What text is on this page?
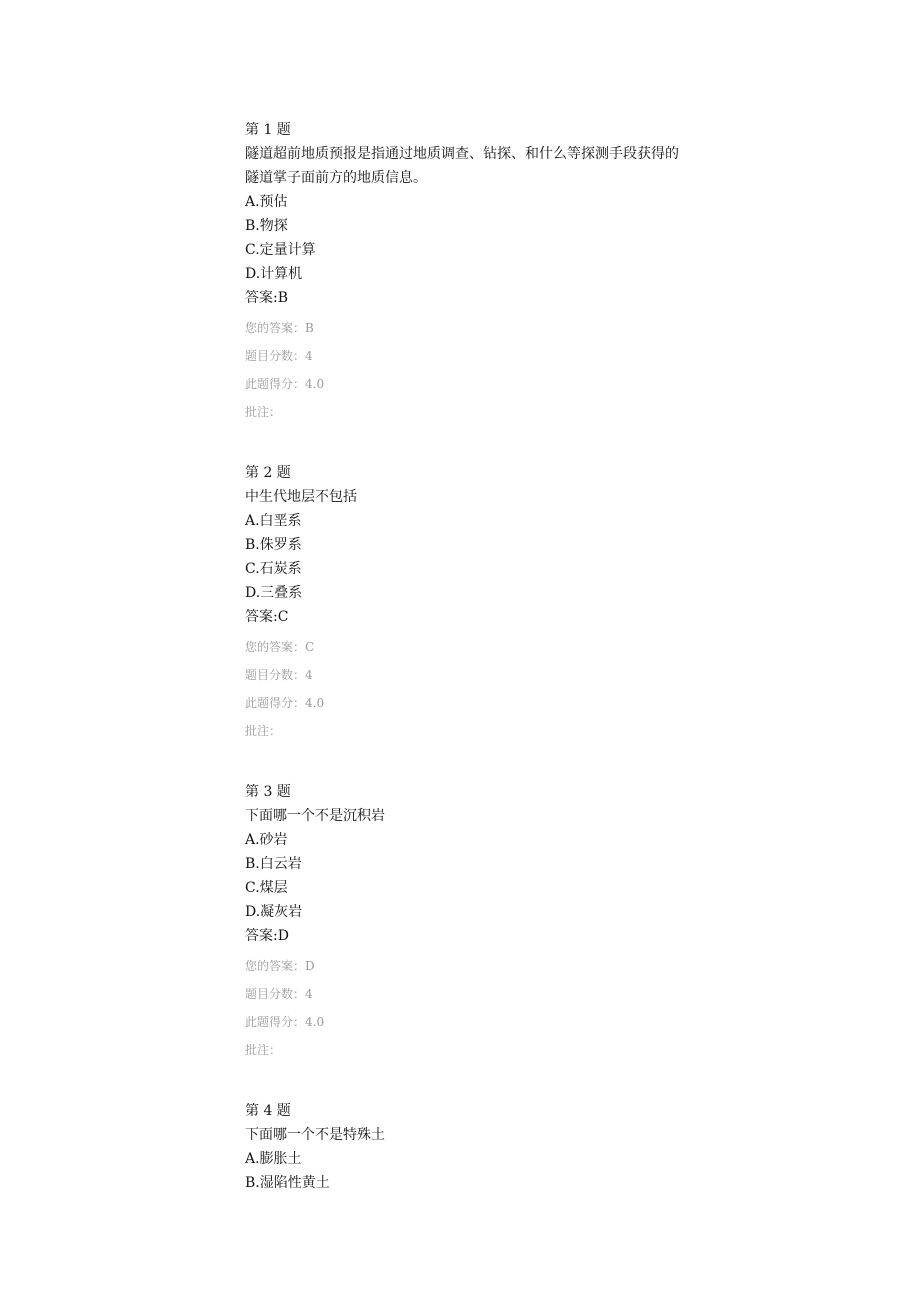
第 1 题

隧道超前地质预报是指通过地质调查、钻探、和什么等探测手段获得的隧道掌子面前方的地质信息。

A.预估
B.物探
C.定量计算
D.计算机
答案:B
您的答案：B
题目分数：4
此题得分：4.0
批注：
第 2 题

中生代地层不包括

A.白垩系
B.侏罗系
C.石炭系
D.三叠系
答案:C
您的答案：C
题目分数：4
此题得分：4.0
批注：
第 3 题

下面哪一个不是沉积岩

A.砂岩
B.白云岩
C.煤层
D.凝灰岩
答案:D
您的答案：D
题目分数：4
此题得分：4.0
批注：
第 4 题

下面哪一个不是特殊土

A.膨胀土
B.湿陷性黄土
